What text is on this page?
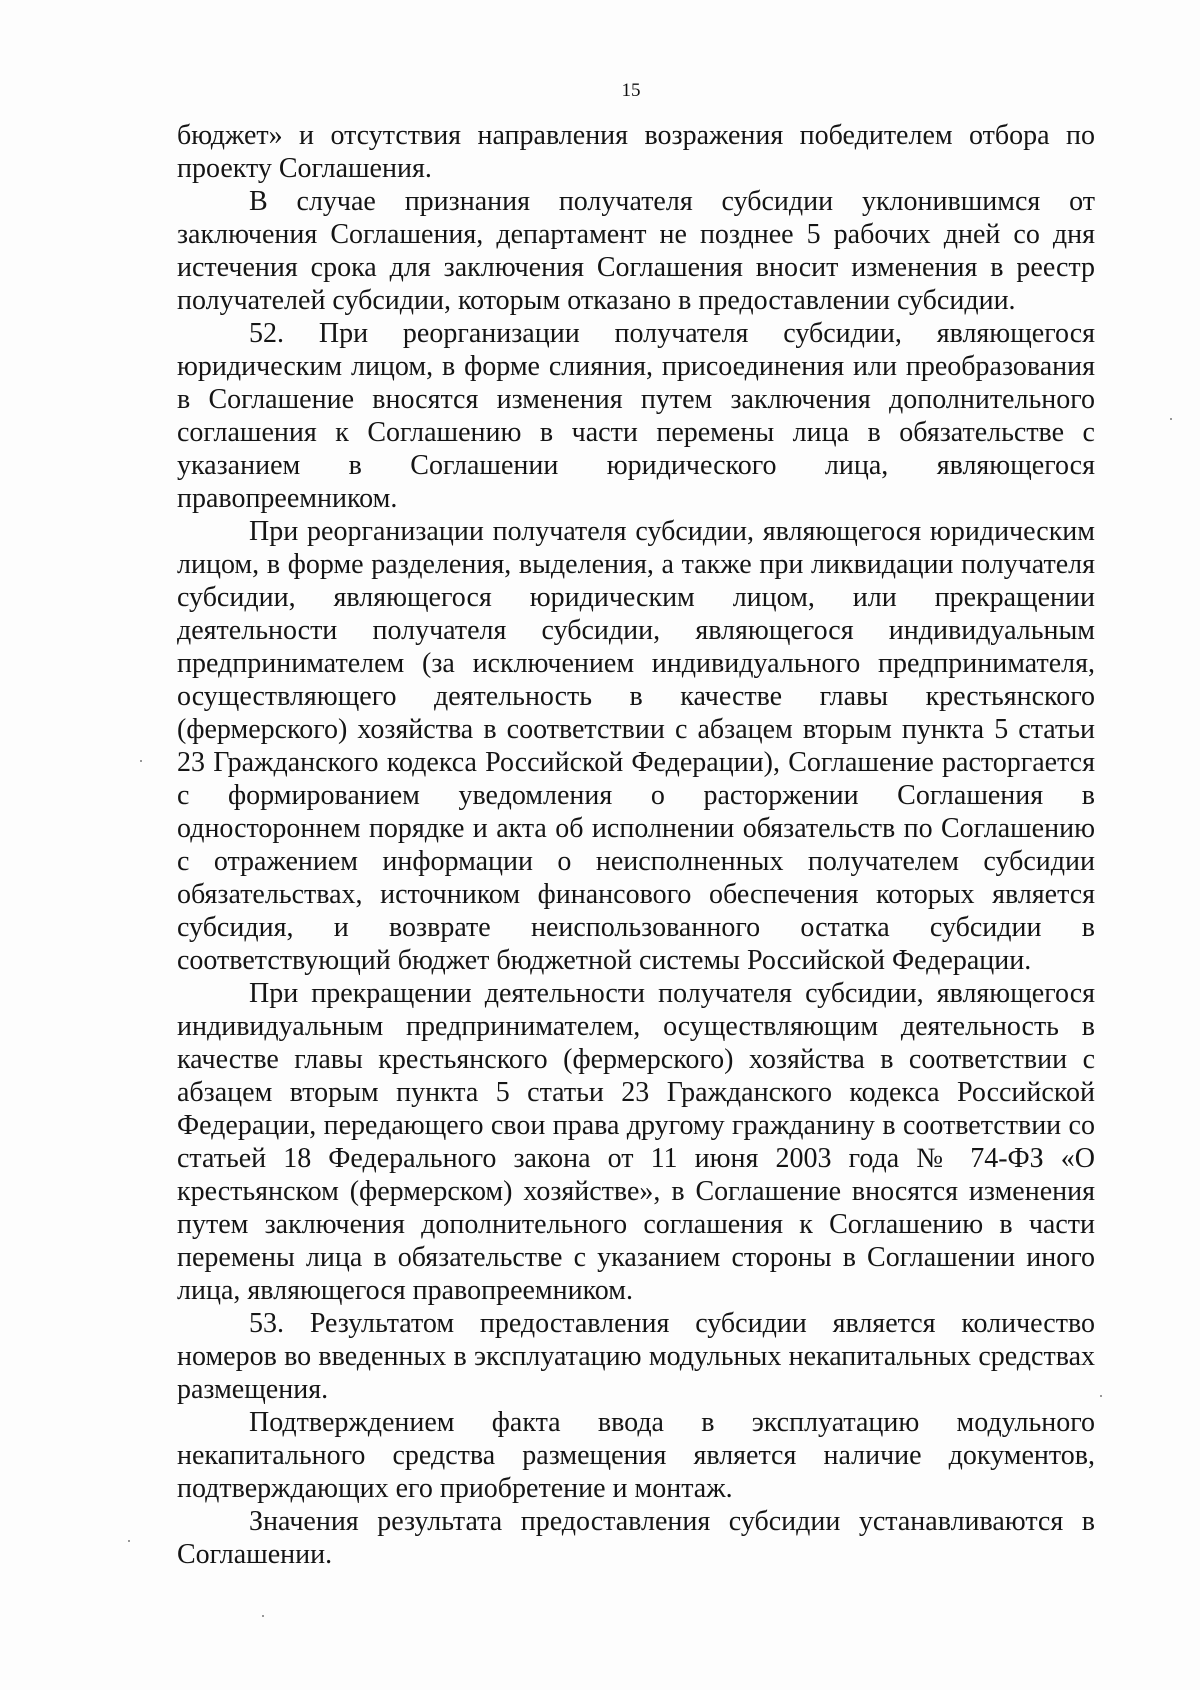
15

бюджет» и отсутствия направления возражения победителем отбора по проекту Соглашения.

В случае признания получателя субсидии уклонившимся от заключения Соглашения, департамент не позднее 5 рабочих дней со дня истечения срока для заключения Соглашения вносит изменения в реестр получателей субсидии, которым отказано в предоставлении субсидии.

52. При реорганизации получателя субсидии, являющегося юридическим лицом, в форме слияния, присоединения или преобразования в Соглашение вносятся изменения путем заключения дополнительного соглашения к Соглашению в части перемены лица в обязательстве с указанием в Соглашении юридического лица, являющегося правопреемником.

При реорганизации получателя субсидии, являющегося юридическим лицом, в форме разделения, выделения, а также при ликвидации получателя субсидии, являющегося юридическим лицом, или прекращении деятельности получателя субсидии, являющегося индивидуальным предпринимателем (за исключением индивидуального предпринимателя, осуществляющего деятельность в качестве главы крестьянского (фермерского) хозяйства в соответствии с абзацем вторым пункта 5 статьи 23 Гражданского кодекса Российской Федерации), Соглашение расторгается с формированием уведомления о расторжении Соглашения в одностороннем порядке и акта об исполнении обязательств по Соглашению с отражением информации о неисполненных получателем субсидии обязательствах, источником финансового обеспечения которых является субсидия, и возврате неиспользованного остатка субсидии в соответствующий бюджет бюджетной системы Российской Федерации.

При прекращении деятельности получателя субсидии, являющегося индивидуальным предпринимателем, осуществляющим деятельность в качестве главы крестьянского (фермерского) хозяйства в соответствии с абзацем вторым пункта 5 статьи 23 Гражданского кодекса Российской Федерации, передающего свои права другому гражданину в соответствии со статьей 18 Федерального закона от 11 июня 2003 года № 74-ФЗ «О крестьянском (фермерском) хозяйстве», в Соглашение вносятся изменения путем заключения дополнительного соглашения к Соглашению в части перемены лица в обязательстве с указанием стороны в Соглашении иного лица, являющегося правопреемником.

53. Результатом предоставления субсидии является количество номеров во введенных в эксплуатацию модульных некапитальных средствах размещения.

Подтверждением факта ввода в эксплуатацию модульного некапитального средства размещения является наличие документов, подтверждающих его приобретение и монтаж.

Значения результата предоставления субсидии устанавливаются в Соглашении.
